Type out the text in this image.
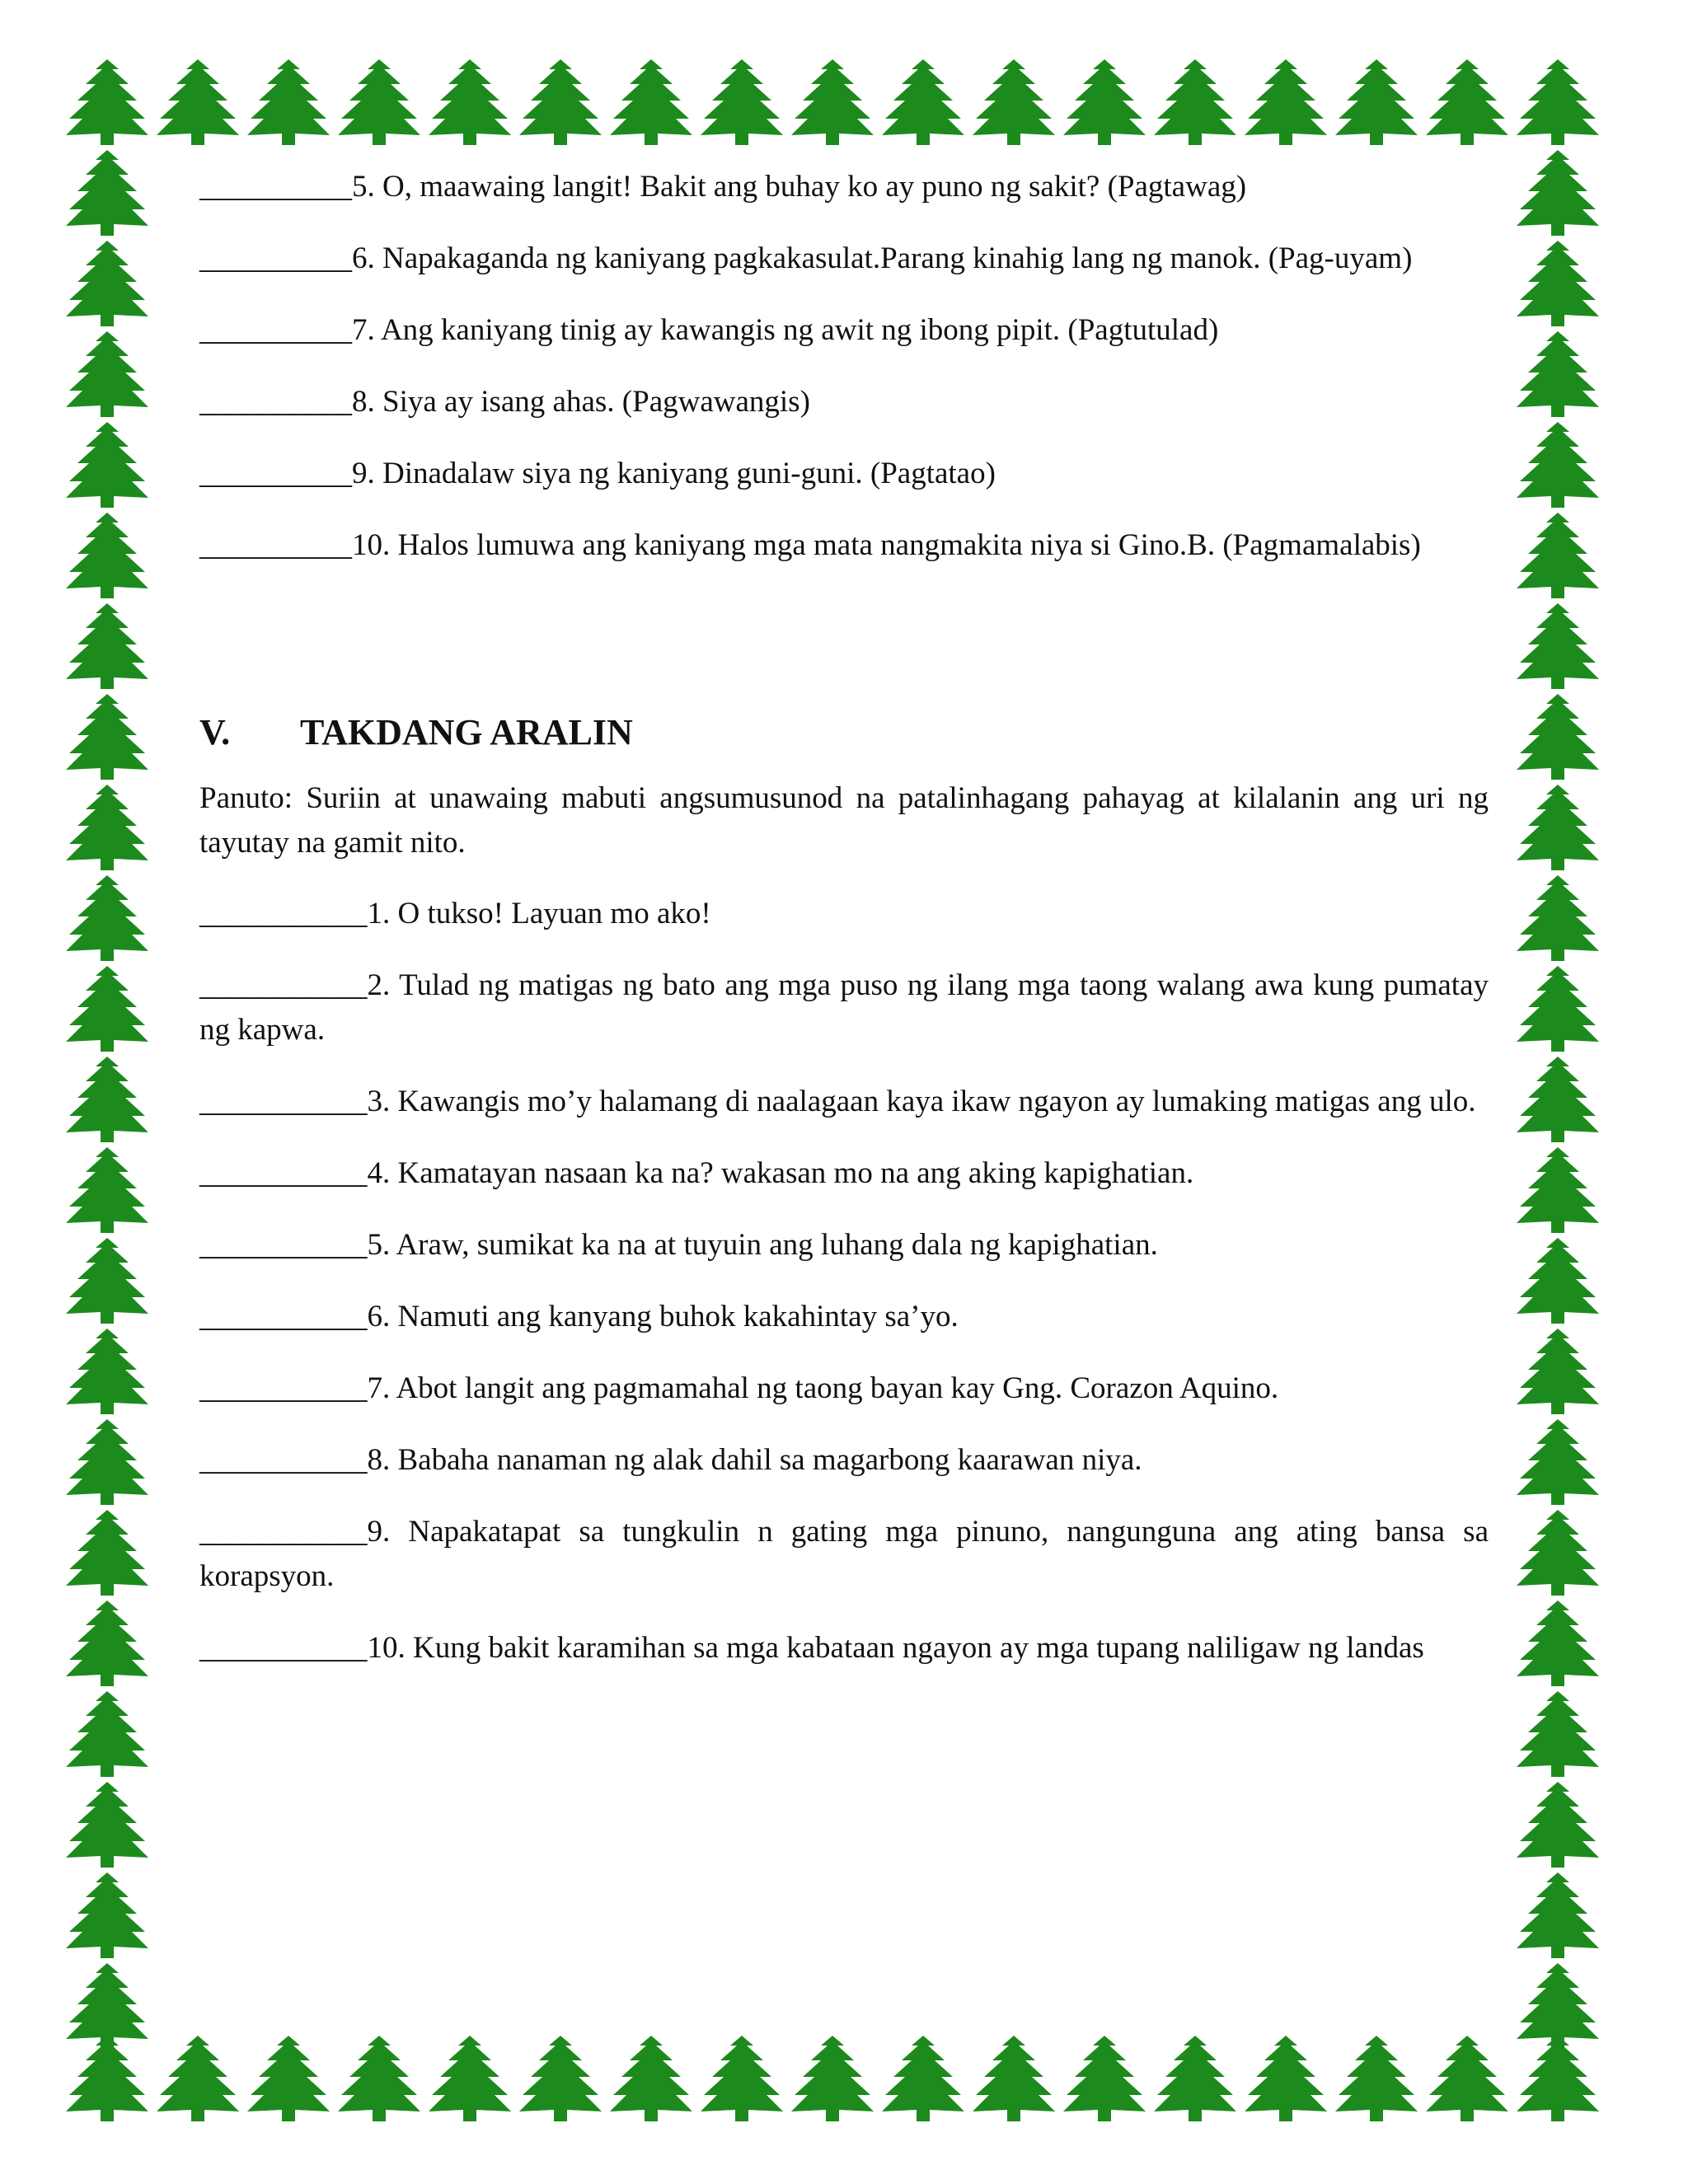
__________5. O, maawaing langit! Bakit ang buhay ko ay puno ng sakit? (Pagtawag)

__________6. Napakaganda ng kaniyang pagkakasulat.Parang kinahig lang ng manok. (Pag-uyam)

__________7. Ang kaniyang tinig ay kawangis ng awit ng ibong pipit. (Pagtutulad)

__________8. Siya ay isang ahas. (Pagwawangis)

__________9. Dinadalaw siya ng kaniyang guni-guni. (Pagtatao)

__________10. Halos lumuwa ang kaniyang mga mata nangmakita niya si Gino.B. (Pagmamalabis)

V.	TAKDANG ARALIN

Panuto: Suriin at unawaing mabuti angsumusunod na patalinhagang pahayag at kilalanin ang uri ng tayutay na gamit nito.

___________1. O tukso! Layuan mo ako!

___________2. Tulad ng matigas ng bato ang mga puso ng ilang mga taong walang awa kung pumatay ng kapwa.

___________3. Kawangis mo’y halamang di naalagaan kaya ikaw ngayon ay lumaking matigas ang ulo.

___________4. Kamatayan nasaan ka na? wakasan mo na ang aking kapighatian.

___________5. Araw, sumikat ka na at tuyuin ang luhang dala ng kapighatian.

___________6. Namuti ang kanyang buhok kakahintay sa’yo.

___________7. Abot langit ang pagmamahal ng taong bayan kay Gng. Corazon Aquino.

___________8. Babaha nanaman ng alak dahil sa magarbong kaarawan niya.

___________9. Napakatapat sa tungkulin n gating mga pinuno, nangunguna ang ating bansa sa korapsyon.

___________10. Kung bakit karamihan sa mga kabataan ngayon ay mga tupang naliligaw ng landas
